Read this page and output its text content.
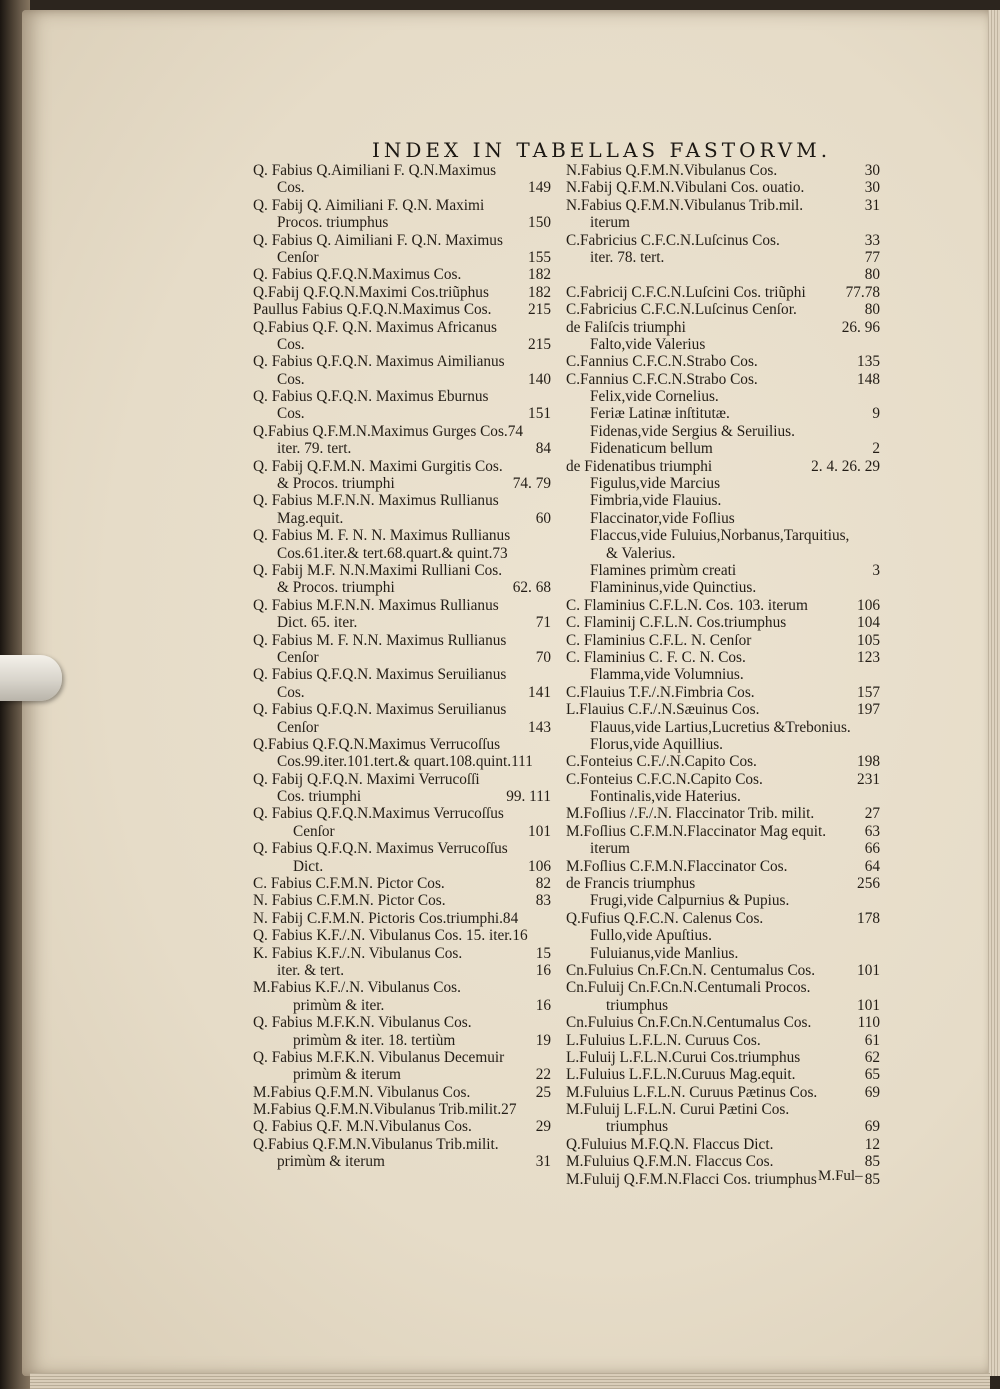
INDEX IN TABELLAS FASTORVM.
Q. Fabius Q.Aimiliani F. Q.N.Maximus
Cos.	149
Q. Fabij Q. Aimiliani F. Q.N. Maximi
Procos. triumphus	150
Q. Fabius Q. Aimiliani F. Q.N. Maximus
Cenſor	155
Q. Fabius Q.F.Q.N.Maximus Cos.	182
Q.Fabij Q.F.Q.N.Maximi Cos.triũphus	182
Paullus Fabius Q.F.Q.N.Maximus Cos. 215
Q.Fabius Q.F. Q.N. Maximus Africanus
Cos.	215
Q. Fabius Q.F.Q.N. Maximus Aimilianus
Cos.	140
Q. Fabius Q.F.Q.N. Maximus Eburnus
Cos.	151
Q.Fabius Q.F.M.N.Maximus Gurges Cos.74
iter. 79. tert.	84
Q. Fabij Q.F.M.N. Maximi Gurgitis Cos.
& Procos. triumphi	74. 79
Q. Fabius M.F.N.N. Maximus Rullianus
Mag.equit.	60
Q. Fabius M. F. N. N. Maximus Rullianus
Cos.61.iter.& tert.68.quart.& quint.73
Q. Fabij M.F. N.N.Maximi Rulliani Cos.
& Procos. triumphi	62. 68
Q. Fabius M.F.N.N. Maximus Rullianus
Dict. 65. iter.	71
Q. Fabius M. F. N.N. Maximus Rullianus
Cenſor	70
Q. Fabius Q.F.Q.N. Maximus Seruilianus
Cos.	141
Q. Fabius Q.F.Q.N. Maximus Seruilianus
Cenſor	143
Q.Fabius Q.F.Q.N.Maximus Verrucoſſus
Cos.99.iter.101.tert.& quart.108.quint.111
Q. Fabij Q.F.Q.N. Maximi Verrucoſſi
Cos. triumphi	99. 111
Q. Fabius Q.F.Q.N.Maximus Verrucoſſus
Cenſor	101
Q. Fabius Q.F.Q.N. Maximus Verrucoſſus
Dict.	106
C. Fabius C.F.M.N. Pictor Cos.	82
N. Fabius C.F.M.N. Pictor Cos.	83
N. Fabij C.F.M.N. Pictoris Cos.triumphi.84
Q. Fabius K.F./.N. Vibulanus Cos. 15. iter.16
K. Fabius K.F./.N. Vibulanus Cos.	15
iter. & tert.	16
M.Fabius K.F./.N. Vibulanus Cos.
primùm & iter.	16
Q. Fabius M.F.K.N. Vibulanus Cos.
primùm & iter. 18. tertiùm	19
Q. Fabius M.F.K.N. Vibulanus Decemuir
primùm & iterum	22
M.Fabius Q.F.M.N. Vibulanus Cos.	25
M.Fabius Q.F.M.N.Vibulanus Trib.milit.27
Q. Fabius Q.F. M.N.Vibulanus Cos.	29
Q.Fabius Q.F.M.N.Vibulanus Trib.milit.
primùm & iterum	31
N.Fabius Q.F.M.N.Vibulanus Cos.	30
N.Fabij Q.F.M.N.Vibulani Cos. ouatio.	30
N.Fabius Q.F.M.N.Vibulanus Trib.mil.	31
iterum
C.Fabricius C.F.C.N.Luſcinus Cos.	33
iter. 78. tert.	77
80
C.Fabricij C.F.C.N.Luſcini Cos. triũphi	77.78
C.Fabricius C.F.C.N.Luſcinus Cenſor.	80
de Faliſcis triumphi	26. 96
Falto,vide Valerius
C.Fannius C.F.C.N.Strabo Cos.	135
C.Fannius C.F.C.N.Strabo Cos.	148
Felix,vide Cornelius.
Feriæ Latinæ inſtitutæ.	9
Fidenas,vide Sergius & Seruilius.
Fidenaticum bellum	2
de Fidenatibus triumphi	2. 4. 26. 29
Figulus,vide Marcius
Fimbria,vide Flauius.
Flaccinator,vide Foſlius
Flaccus,vide Fuluius,Norbanus,Tarquitius,
& Valerius.
Flamines primùm creati	3
Flamininus,vide Quinctius.
C. Flaminius C.F.L.N. Cos. 103. iterum	106
C. Flaminij C.F.L.N. Cos.triumphus	104
C. Flaminius C.F.L. N. Cenſor	105
C. Flaminius C. F. C. N. Cos.	123
Flamma,vide Volumnius.
C.Flauius T.F./.N.Fimbria Cos.	157
L.Flauius C.F./.N.Sæuinus Cos.	197
Flauus,vide Lartius,Lucretius &Trebonius.
Florus,vide Aquillius.
C.Fonteius C.F./.N.Capito Cos.	198
C.Fonteius C.F.C.N.Capito Cos.	231
Fontinalis,vide Haterius.
M.Foſlius /.F./.N. Flaccinator Trib. milit.	27
M.Foſlius C.F.M.N.Flaccinator Mag equit.	63
iterum	66
M.Foſlius C.F.M.N.Flaccinator Cos.	64
de Francis triumphus	256
Frugi,vide Calpurnius & Pupius.
Q.Fufius Q.F.C.N. Calenus Cos.	178
Fullo,vide Apuſtius.
Fuluianus,vide Manlius.
Cn.Fuluius Cn.F.Cn.N. Centumalus Cos.	101
Cn.Fuluij Cn.F.Cn.N.Centumali Procos.
triumphus	101
Cn.Fuluius Cn.F.Cn.N.Centumalus Cos.	110
L.Fuluius L.F.L.N. Curuus Cos.	61
L.Fuluij L.F.L.N.Curui Cos.triumphus	62
L.Fuluius L.F.L.N.Curuus Mag.equit.	65
M.Fuluius L.F.L.N. Curuus Pætinus Cos.	69
M.Fuluij L.F.L.N. Curui Pætini Cos.
triumphus	69
Q.Fuluius M.F.Q.N. Flaccus Dict.	12
M.Fuluius Q.F.M.N. Flaccus Cos.	85
M.Fuluij Q.F.M.N.Flacci Cos. triumphus	85
M.Ful–
